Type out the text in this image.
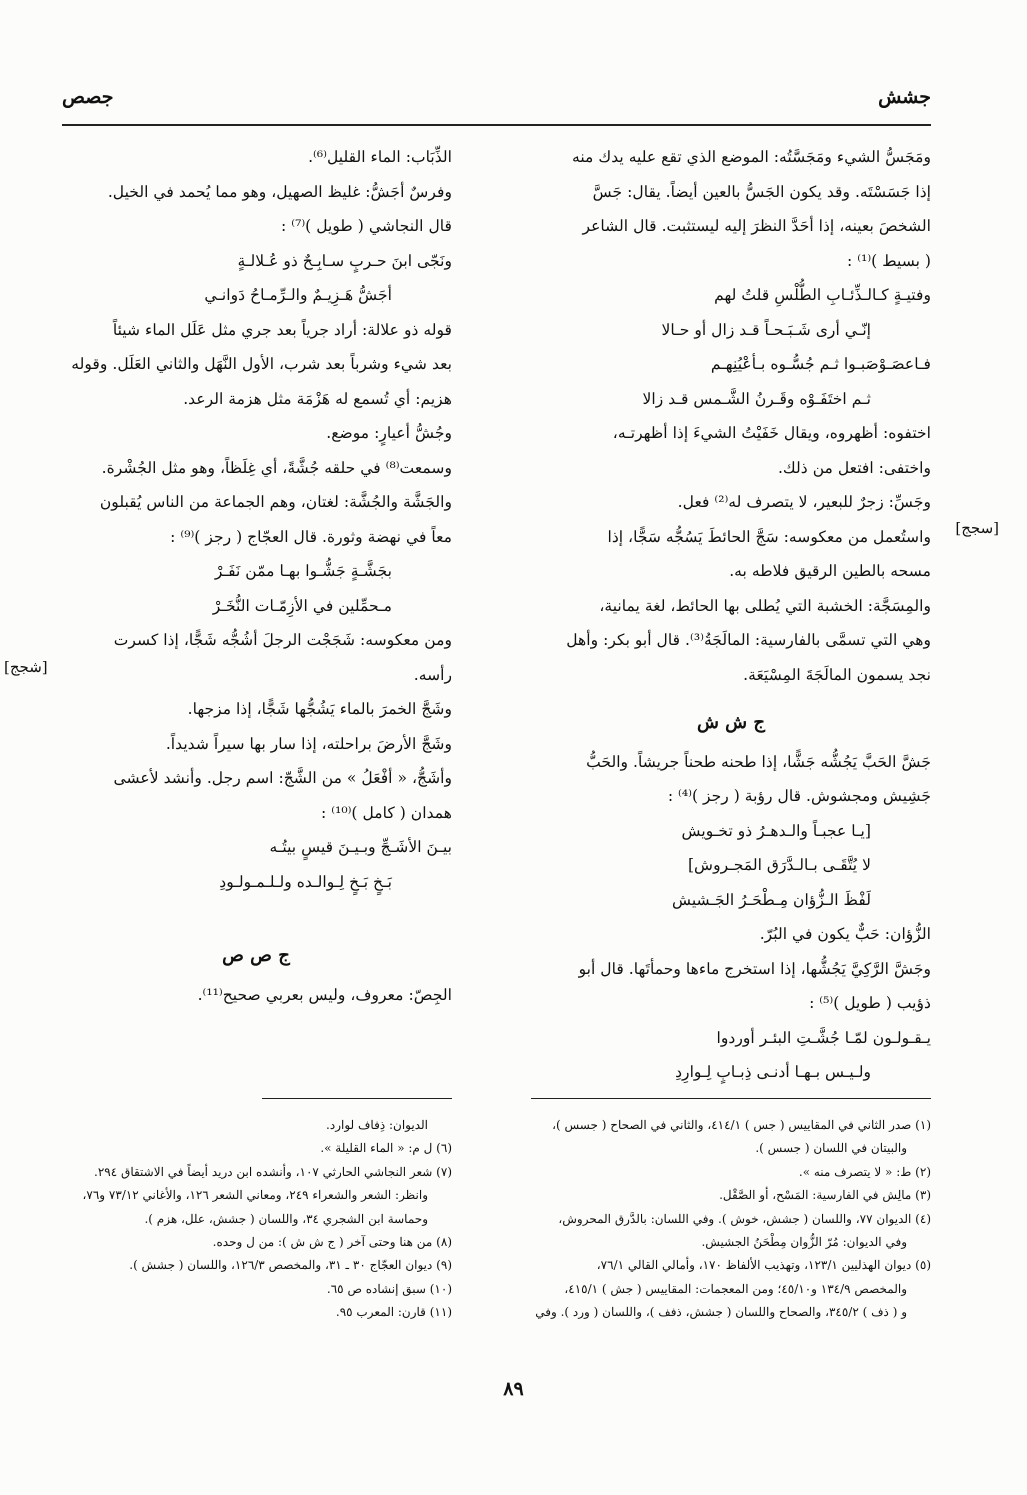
جشش
جصص
[سجج]
[شجج]

ومَجَسُّ الشيء ومَجَسَّتُه: الموضع الذي تقع عليه يدك منه

إذا جَسَسْتَه. وقد يكون الجَسُّ بالعين أيضاً. يقال: جَسَّ

الشخصَ بعينه، إذا أحَدَّ النظرَ إليه ليستثبت. قال الشاعر

( بسيط )⁽¹⁾ :

وفتيـةٍ كـالـذِّئـابِ الطُّلْسِ قلتُ لهم

إنّـي أرى شَـبَـحـاً قـد زال أو حـالا

فـاعصَـوْصَبـوا ثـم جُسُّـوه بـأعْيُنِهـم

ثـم اختَفَـوْه وقَـرنُ الشَّـمس قـد زالا

اختفوه: أظهروه، ويقال خَفَيْتُ الشيءَ إذا أظهرتـه،

واختفى: افتعل من ذلك.

وجَسِّ: زجرٌ للبعير، لا يتصرف له⁽²⁾ فعل.

واستُعمل من معكوسه: سَجَّ الحائطَ يَسُجُّه سَجًّا، إذا

مسحه بالطين الرقيق فلاطه به.

والمِسَجَّة: الخشبة التي يُطلى بها الحائط، لغة يمانية،

وهي التي تسمَّى بالفارسية: المالَجَةُ⁽³⁾. قال أبو بكر: وأهل

نجد يسمون المالَجَةَ المِسْيَعَة.

ج ش ش

جَشَّ الحَبَّ يَجُشُّه جَشًّا، إذا طحنه طحناً جريشاً. والحَبُّ

جَشِيش ومجشوش. قال رؤبة ( رجز )⁽⁴⁾ :

[يـا عجبـاً والـدهـرُ ذو تخـويش

لا يُتَّقَـى بـالـدَّرَق المَجـروش]

لَفْظَ الـزُّؤان مِـطْحَـرُ الجَـشيش

الزُّؤان: حَبٌّ يكون في البُرّ.

وجَشَّ الرَّكِيَّ يَجُشُّها، إذا استخرج ماءها وحمأتَها. قال أبو

ذؤيب ( طويل )⁽⁵⁾ :

يـقـولـون لمّـا جُشَّـتِ البئـر أوردوا

ولـيـس بـهـا أدنـى ذِبـابٍ لِـوارِدِ

الذِّبَاب: الماء القليل⁽⁶⁾.

وفرسٌ أجَشُّ: غليظ الصهيل، وهو مما يُحمد في الخيل.

قال النجاشي ( طويل )⁽⁷⁾ :

ونَجّى ابنَ حـربٍ سـابِـحٌ ذو عُـلالـةٍ

أجَشُّ هَـزِيـمٌ والـرِّمـاحُ دَوانـي

قوله ذو علالة: أراد جرياً بعد جري مثل عَلَل الماء شيئاً

بعد شيء وشرباً بعد شرب، الأول النَّهَل والثاني العَلَل. وقوله

هزيم: أي تُسمع له هَزْمَة مثل هزمة الرعد.

وجُشُّ أعيارٍ: موضع.

وسمعت⁽⁸⁾ في حلقه جُشَّةً، أي غِلَظاً، وهو مثل الجُشْرة.

والجَشَّة والجُشَّة: لغتان، وهم الجماعة من الناس يُقبلون

معاً في نهضة وثورة. قال العجّاج ( رجز )⁽⁹⁾ :

بجَشَّـةٍ جَشُّـوا بهـا ممّن نَفَـرْ

مـحمِّلين في الأزِمّـات النُّخَـرْ

ومن معكوسه: شَجَجْت الرجلَ أشُجُّه شَجًّا، إذا كسرت

رأسه.

وشَجَّ الخمرَ بالماء يَشُجُّها شَجًّا، إذا مزجها.

وشَجَّ الأرضَ براحلته، إذا سار بها سيراً شديداً.

وأشَجُّ، « أفْعَلُ » من الشَّجّ: اسم رجل. وأنشد لأعشى

همدان ( كامل )⁽¹⁰⁾ :

بيـنَ الأشَـجِّ وبـيـنَ قيسٍ بيتُـه

بَـخٍ بَـخٍ لِـوالـده ولـلـمـولـودِ

ج ص ص

الجِصّ: معروف، وليس بعربي صحيح⁽¹¹⁾.

(١) صدر الثاني في المقاييس ( جس ) ٤١٤/١، والثاني في الصحاح ( جسس )،

والبيتان في اللسان ( جسس ).

(٢) ط: « لا يتصرف منه ».

(٣) مالِش في الفارسية: المَسْح، أو الصَّقْل.

(٤) الديوان ٧٧، واللسان ( جشش، خوش ). وفي اللسان: بالدَّرق المحروش،

وفي الديوان: مُرّ الزُّوان مِطْحَنُ الجشيش.

(٥) ديوان الهذليين ١٢٣/١، وتهذيب الألفاظ ١٧٠، وأمالي القالي ٧٦/١،

والمخصص ١٣٤/٩ و٤٥/١٠؛ ومن المعجمات: المقاييس ( جش ) ٤١٥/١،

و ( ذف ) ٣٤٥/٢، والصحاح واللسان ( جشش، ذفف )، واللسان ( ورد ). وفي

الديوان: ذِفاف لوارد.

(٦) ل م: « الماء القليلة ».

(٧) شعر النجاشي الحارثي ١٠٧، وأنشده ابن دريد أيضاً في الاشتقاق ٢٩٤.

وانظر: الشعر والشعراء ٢٤٩، ومعاني الشعر ١٢٦، والأغاني ٧٣/١٢ و٧٦،

وحماسة ابن الشجري ٣٤، واللسان ( جشش، علل، هزم ).

(٨) من هنا وحتى آخر ( ج ش ش ): من ل وحده.

(٩) ديوان العجّاج ٣٠ ـ ٣١، والمخصص ١٢٦/٣، واللسان ( جشش ).

(١٠) سبق إنشاده ص ٦٥.

(١١) قارن: المعرب ٩٥.

٨٩
